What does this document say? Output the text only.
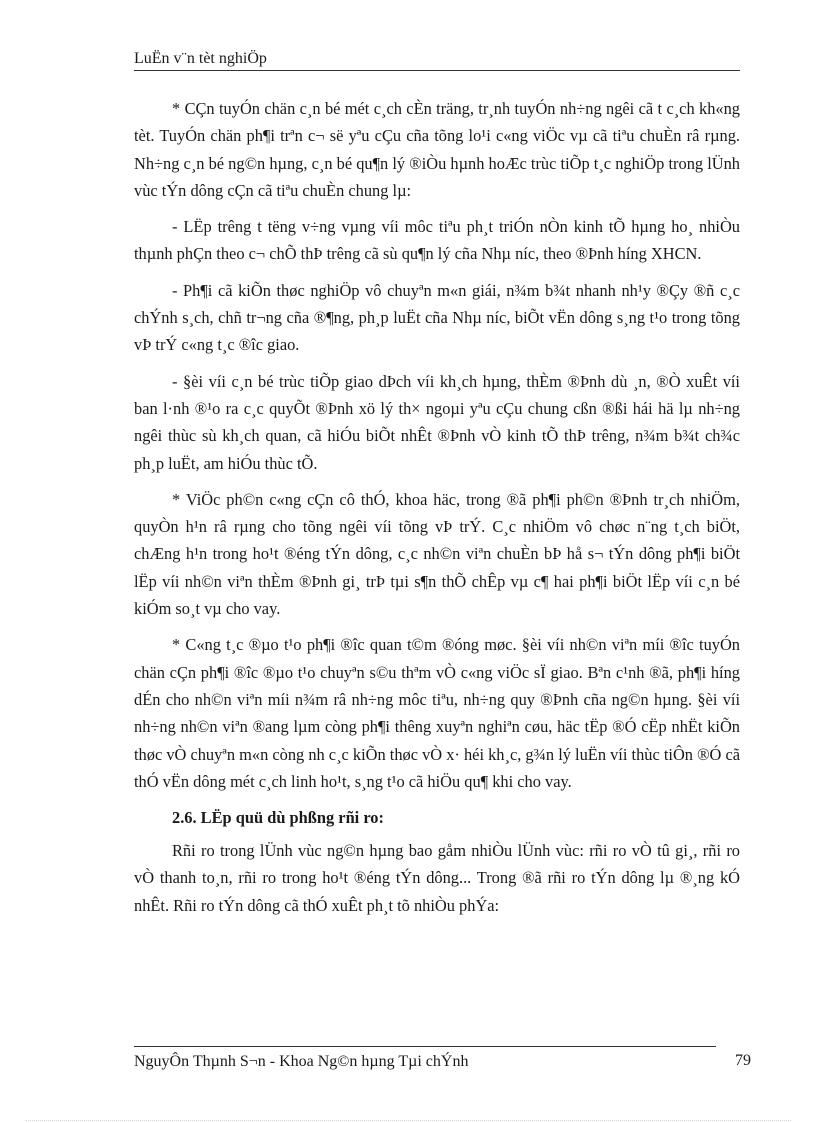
LuËn v¨n tèt nghiÖp

* CÇn tuyÓn chän c¸n bé mét c¸ch cÈn träng, tr¸nh tuyÓn nh÷ng ngêi cã t c¸ch kh«ng tèt. TuyÓn chän ph¶i trªn c¬ së yªu cÇu cña tõng lo¹i c«ng viÖc vµ cã tiªu chuÈn râ rµng. Nh÷ng c¸n bé ng©n hµng, c¸n bé qu¶n lý ®iÒu hµnh hoÆc trùc tiÕp t¸c nghiÖp trong lÜnh vùc tÝn dông cÇn cã tiªu chuÈn chung lµ:

- LËp trêng t tëng v÷ng vµng víi môc tiªu ph¸t triÓn nÒn kinh tÕ hµng ho¸ nhiÒu thµnh phÇn theo c¬ chÕ thÞ trêng cã sù qu¶n lý cña Nhµ níc, theo ®Þnh híng XHCN.

- Ph¶i cã kiÕn thøc nghiÖp vô chuyªn m«n giái, n¾m b¾t nhanh nh¹y ®Çy ®ñ c¸c chÝnh s¸ch, chñ tr¬ng cña ®¶ng, ph¸p luËt cña Nhµ níc, biÕt vËn dông s¸ng t¹o trong tõng vÞ trÝ c«ng t¸c ®îc giao.

- §èi víi c¸n bé trùc tiÕp giao dÞch víi kh¸ch hµng, thÈm ®Þnh dù ¸n, ®Ò xuÊt víi ban l·nh ®¹o ra c¸c quyÕt ®Þnh xö lý th× ngoµi yªu cÇu chung cßn ®ßi hái hä lµ nh÷ng ngêi thùc sù kh¸ch quan, cã hiÓu biÕt nhÊt ®Þnh vÒ kinh tÕ thÞ trêng, n¾m b¾t ch¾c ph¸p luËt, am hiÓu thùc tÕ.

* ViÖc ph©n c«ng cÇn cô thÓ, khoa häc, trong ®ã ph¶i ph©n ®Þnh tr¸ch nhiÖm, quyÒn h¹n râ rµng cho tõng ngêi víi tõng vÞ trÝ. C¸c nhiÖm vô chøc n¨ng t¸ch biÖt, chÆng h¹n trong ho¹t ®éng tÝn dông, c¸c nh©n viªn chuÈn bÞ hå s¬ tÝn dông ph¶i biÖt lËp víi nh©n viªn thÈm ®Þnh gi¸ trÞ tµi s¶n thÕ chÊp vµ c¶ hai ph¶i biÖt lËp víi c¸n bé kiÓm so¸t vµ cho vay.

* C«ng t¸c ®µo t¹o ph¶i ®îc quan t©m ®óng møc. §èi víi nh©n viªn míi ®îc tuyÓn chän cÇn ph¶i ®îc ®µo t¹o chuyªn s©u thªm vÒ c«ng viÖc sÏ giao. Bªn c¹nh ®ã, ph¶i híng dÉn cho nh©n viªn míi n¾m râ nh÷ng môc tiªu, nh÷ng quy ®Þnh cña ng©n hµng. §èi víi nh÷ng nh©n viªn ®ang lµm còng ph¶i thêng xuyªn nghiªn cøu, häc tËp ®Ó cËp nhËt kiÕn thøc vÒ chuyªn m«n còng nh c¸c kiÕn thøc vÒ x· héi kh¸c, g¾n lý luËn víi thùc tiÔn ®Ó cã thÓ vËn dông mét c¸ch linh ho¹t, s¸ng t¹o cã hiÖu qu¶ khi cho vay.

2.6. LËp quü dù phßng rñi ro:

Rñi ro trong lÜnh vùc ng©n hµng bao gåm nhiÒu lÜnh vùc: rñi ro vÒ tû gi¸, rñi ro vÒ thanh to¸n, rñi ro trong ho¹t ®éng tÝn dông... Trong ®ã rñi ro tÝn dông lµ ®¸ng kÓ nhÊt. Rñi ro tÝn dông cã thÓ xuÊt ph¸t tõ nhiÒu phÝa:

NguyÔn Thµnh S¬n - Khoa Ng©n hµng Tµi chÝnh	79
